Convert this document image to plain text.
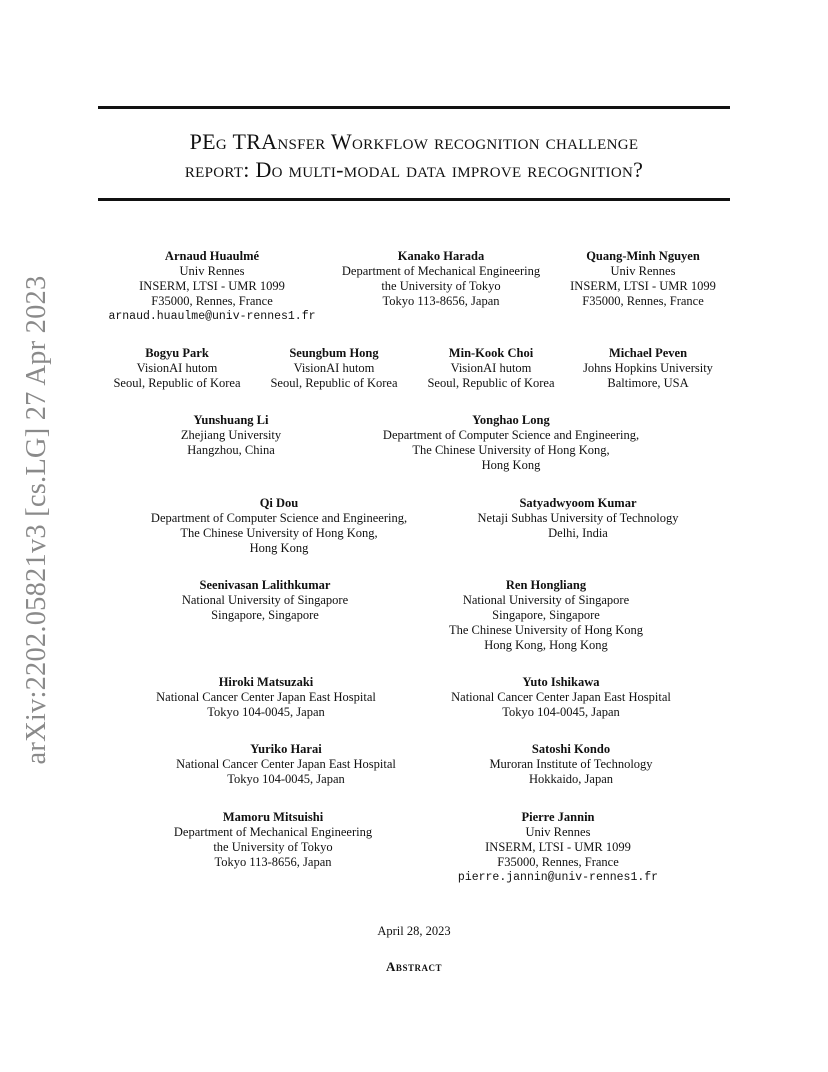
arXiv:2202.05821v3 [cs.LG] 27 Apr 2023
PEg TRAnsfer Workflow recognition challenge
report: Do multi-modal data improve recognition?
Arnaud Huaulmé
Univ Rennes
INSERM, LTSI - UMR 1099
F35000, Rennes, France
arnaud.huaulme@univ-rennes1.fr
Kanako Harada
Department of Mechanical Engineering
the University of Tokyo
Tokyo 113-8656, Japan
Quang-Minh Nguyen
Univ Rennes
INSERM, LTSI - UMR 1099
F35000, Rennes, France
Bogyu Park
VisionAI hutom
Seoul, Republic of Korea
Seungbum Hong
VisionAI hutom
Seoul, Republic of Korea
Min-Kook Choi
VisionAI hutom
Seoul, Republic of Korea
Michael Peven
Johns Hopkins University
Baltimore, USA
Yunshuang Li
Zhejiang University
Hangzhou, China
Yonghao Long
Department of Computer Science and Engineering,
The Chinese University of Hong Kong,
Hong Kong
Qi Dou
Department of Computer Science and Engineering,
The Chinese University of Hong Kong,
Hong Kong
Satyadwyoom Kumar
Netaji Subhas University of Technology
Delhi, India
Seenivasan Lalithkumar
National University of Singapore
Singapore, Singapore
Ren Hongliang
National University of Singapore
Singapore, Singapore
The Chinese University of Hong Kong
Hong Kong, Hong Kong
Hiroki Matsuzaki
National Cancer Center Japan East Hospital
Tokyo 104-0045, Japan
Yuto Ishikawa
National Cancer Center Japan East Hospital
Tokyo 104-0045, Japan
Yuriko Harai
National Cancer Center Japan East Hospital
Tokyo 104-0045, Japan
Satoshi Kondo
Muroran Institute of Technology
Hokkaido, Japan
Mamoru Mitsuishi
Department of Mechanical Engineering
the University of Tokyo
Tokyo 113-8656, Japan
Pierre Jannin
Univ Rennes
INSERM, LTSI - UMR 1099
F35000, Rennes, France
pierre.jannin@univ-rennes1.fr
April 28, 2023
Abstract
